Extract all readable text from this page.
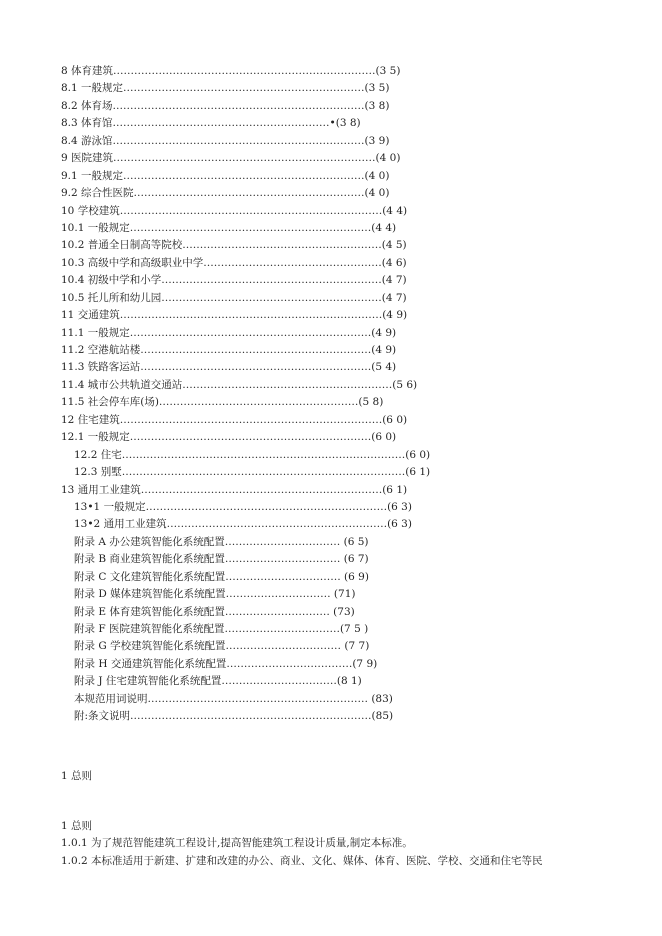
8 体育建筑…………………………………………………………………(3 5)
8.1 一般规定……………………………………………………………(3 5)
8.2 体育场………………………………………………………………(3 8)
8.3 体育馆……………………………………‥………………•(3 8)
8.4 游泳馆………………………………………………………………(3 9)
9 医院建筑…………………………………………………………………(4 0)
9.1 一般规定……………………………………………………………(4 0)
9.2 综合性医院…………………………………………………………(4 0)
10 学校建筑…………………………………………………………………(4 4)
10.1 一般规定……………………………………………………………(4 4)
10.2 普通全日制高等院校…………………………………………………(4 5)
10.3 高级中学和高级职业中学……………………………………………(4 6)
10.4 初级中学和小学………………………………………………………(4 7)
10.5 托儿所和幼儿园………………………………………………………(4 7)
11 交通建筑…………………………………………………………………(4 9)
11.1 一般规定……………………………………………………………(4 9)
11.2 空港航站楼…………………………………………………………(4 9)
11.3 铁路客运站…………………………………………………………(5 4)
11.4 城市公共轨道交通站……………………………………………………(5 6)
11.5 社会停车库(场)…………………………………………………(5 8)
12 住宅建筑…………………………………………………………………(6 0)
12.1 一般规定……………………………………………………………(6 0)
12.2 住宅………………………………………………………………………(6 0)
12.3 别墅………………………………………………………………………(6 1)
13 通用工业建筑……………………………………………………………(6 1)
13•1 一般规定……………………………………………………………(6 3)
13•2 通用工业建筑………………………………………………………(6 3)
附录 A 办公建筑智能化系统配置…………………………… (6 5)
附录 B 商业建筑智能化系统配置…………………………… (6 7)
附录 C 文化建筑智能化系统配置…………………………… (6 9)
附录 D 媒体建筑智能化系统配置………………………… (71)
附录 E 体育建筑智能化系统配置………………………… (73)
附录 F 医院建筑智能化系统配置……………………………(7 5 )
附录 G 学校建筑智能化系统配置…………………………… (7 7)
附录 H 交通建筑智能化系统配置………………………………(7 9)
附录 J 住宅建筑智能化系统配置……………………………(8 1)
本规范用词说明……………………………………………………… (83)
附:条文说明……………………………………………………………(85)
1 总则
1 总则
1.0.1 为了规范智能建筑工程设计,提高智能建筑工程设计质量,制定本标准。
1.0.2 本标准适用于新建、扩建和改建的办公、商业、文化、媒体、体育、医院、学校、交通和住宅等民
